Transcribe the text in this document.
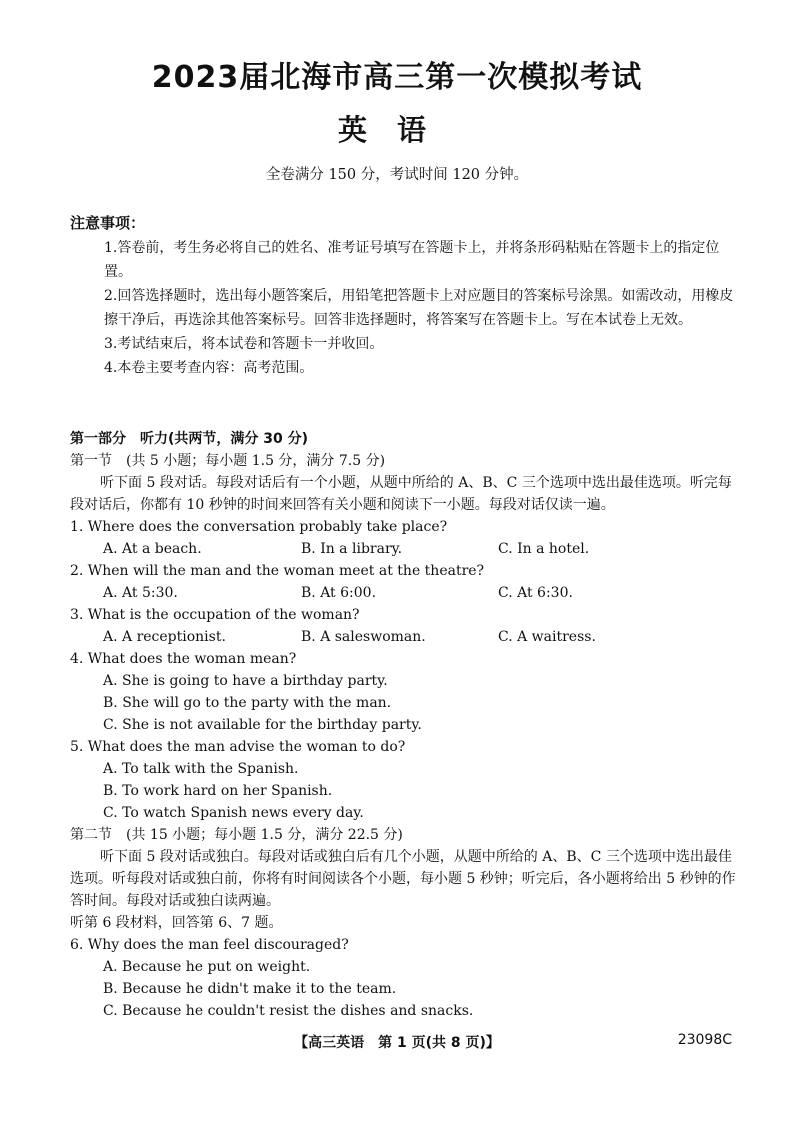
2023届北海市高三第一次模拟考试
英语
全卷满分 150 分，考试时间 120 分钟。
注意事项：
1.答卷前，考生务必将自己的姓名、准考证号填写在答题卡上，并将条形码粘贴在答题卡上的指定位置。
2.回答选择题时，选出每小题答案后，用铅笔把答题卡上对应题目的答案标号涂黑。如需改动，用橡皮擦干净后，再选涂其他答案标号。回答非选择题时，将答案写在答题卡上。写在本试卷上无效。
3.考试结束后，将本试卷和答题卡一并收回。
4.本卷主要考查内容：高考范围。
第一部分　听力(共两节，满分 30 分)
第一节　(共 5 小题；每小题 1.5 分，满分 7.5 分)
听下面 5 段对话。每段对话后有一个小题，从题中所给的 A、B、C 三个选项中选出最佳选项。听完每段对话后，你都有 10 秒钟的时间来回答有关小题和阅读下一小题。每段对话仅读一遍。
1. Where does the conversation probably take place?
A. At a beach.	B. In a library.	C. In a hotel.
2. When will the man and the woman meet at the theatre?
A. At 5:30.	B. At 6:00.	C. At 6:30.
3. What is the occupation of the woman?
A. A receptionist.	B. A saleswoman.	C. A waitress.
4. What does the woman mean?
A. She is going to have a birthday party.
B. She will go to the party with the man.
C. She is not available for the birthday party.
5. What does the man advise the woman to do?
A. To talk with the Spanish.
B. To work hard on her Spanish.
C. To watch Spanish news every day.
第二节　(共 15 小题；每小题 1.5 分，满分 22.5 分)
听下面 5 段对话或独白。每段对话或独白后有几个小题，从题中所给的 A、B、C 三个选项中选出最佳选项。听每段对话或独白前，你将有时间阅读各个小题，每小题 5 秒钟；听完后，各小题将给出 5 秒钟的作答时间。每段对话或独白读两遍。
听第 6 段材料，回答第 6、7 题。
6. Why does the man feel discouraged?
A. Because he put on weight.
B. Because he didn't make it to the team.
C. Because he couldn't resist the dishes and snacks.
【高三英语　第 1 页(共 8 页)】	23098C
